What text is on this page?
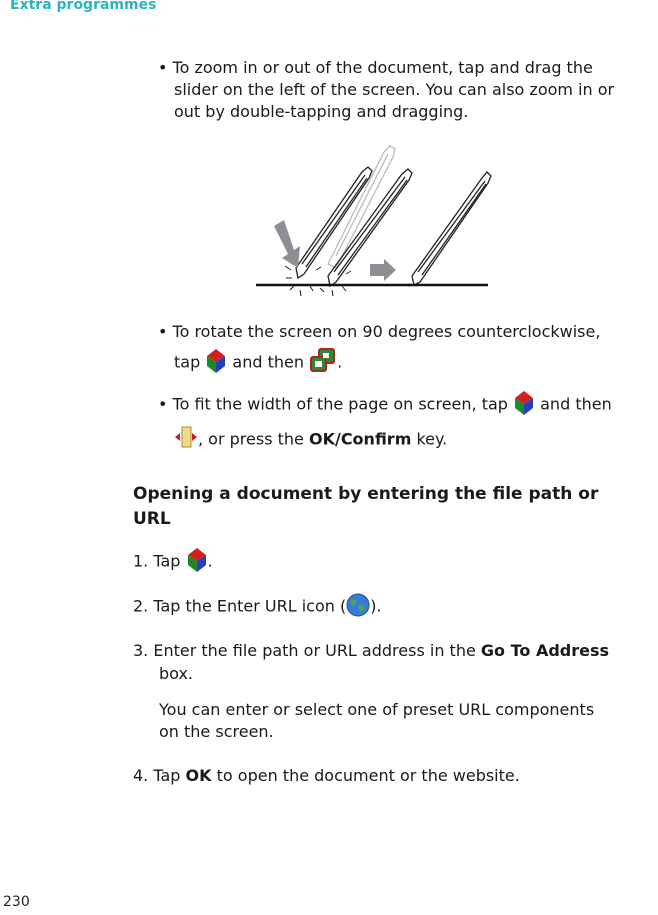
Extra programmes
• To zoom in or out of the document, tap and drag the
slider on the left of the screen. You can also zoom in or
out by double-tapping and dragging.
• To rotate the screen on 90 degrees counterclockwise,
tap and then .
• To fit the width of the page on screen, tap and then
, or press the OK/Confirm key.
Opening a document by entering the file path or
URL
1. Tap .
2. Tap the Enter URL icon ( ).
3. Enter the file path or URL address in the Go To Address
box.
You can enter or select one of preset URL components
on the screen.
4. Tap OK to open the document or the website.
230
